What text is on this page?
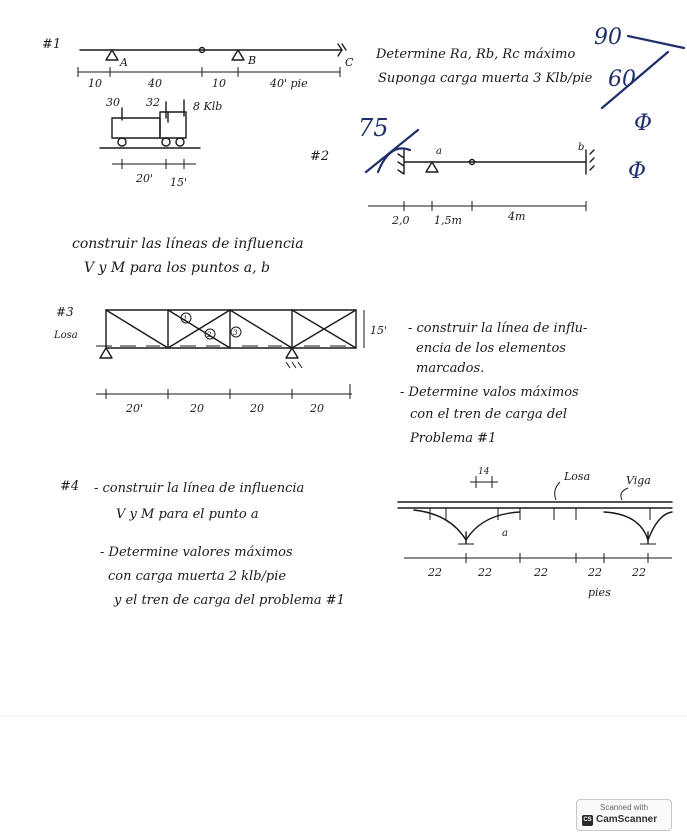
#1
A	B	C
10	40	10	40' pie
30 32	8 Klb
20' 15'
Determine Ra, Rb, Rc máximo
Suponga carga muerta 3 Klb/pie
90
60
Φ
Φ
#2
75
a	b
2,0 1,5m	4m
construir las líneas de influencia
V y M para los puntos a, b
#3
Losa
1
2	3	15'
20'	20	20	20
- construir la línea de influ-
encia de los elementos
marcados.
- Determine valos máximos
con el tren de carga del
Problema #1
#4 - construir la línea de influencia
V y M para el punto a
- Determine valores máximos
con carga muerta 2 klb/pie
y el tren de carga del problema #1
14	Losa	Viga
a
22	22	22	22	22
pies
Scanned with
CS CamScanner
